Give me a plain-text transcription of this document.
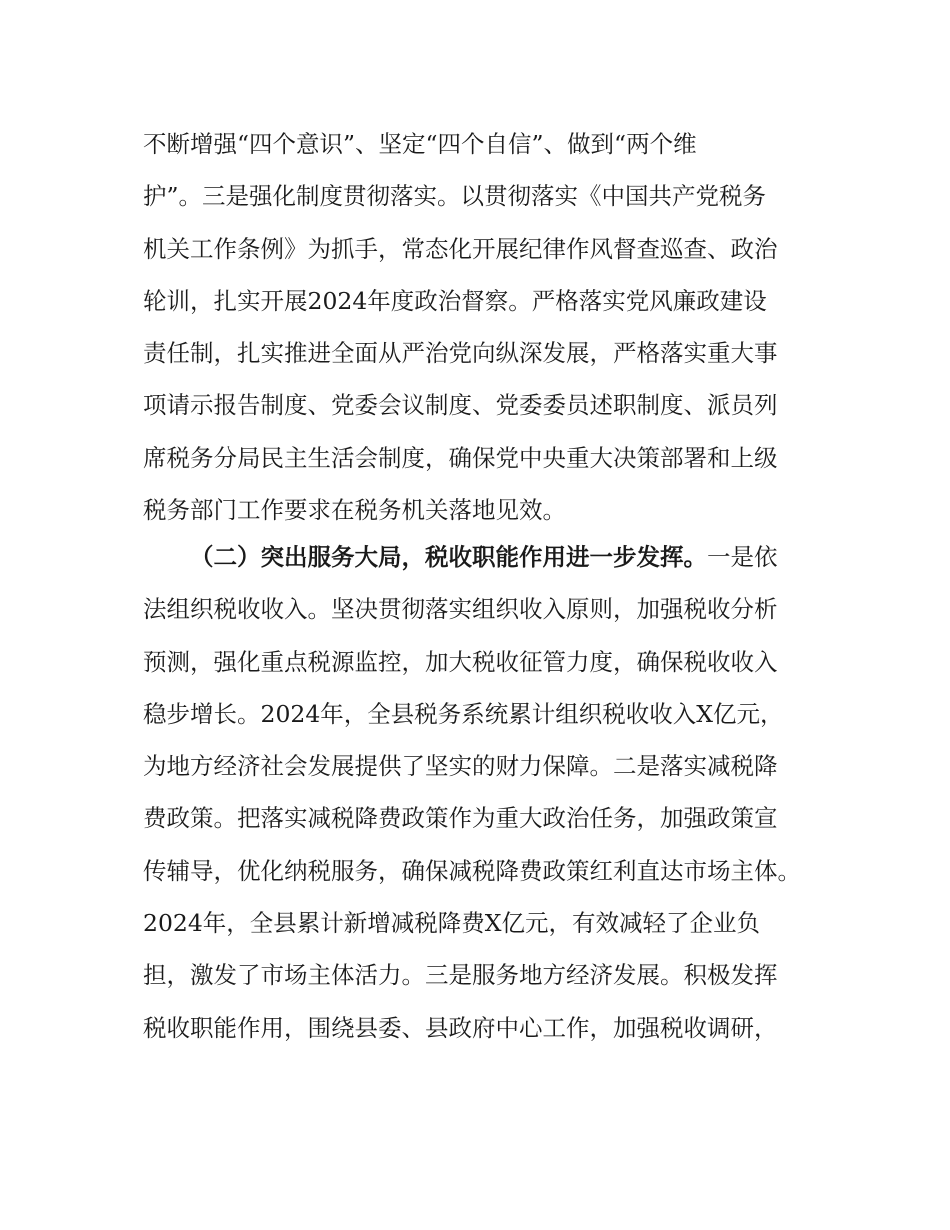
不断增强“四个意识”、坚定“四个自信”、做到“两个维
护”。三是强化制度贯彻落实。以贯彻落实《中国共产党税务
机关工作条例》为抓手，常态化开展纪律作风督查巡查、政治
轮训，扎实开展2024年度政治督察。严格落实党风廉政建设
责任制，扎实推进全面从严治党向纵深发展，严格落实重大事
项请示报告制度、党委会议制度、党委委员述职制度、派员列
席税务分局民主生活会制度，确保党中央重大决策部署和上级
税务部门工作要求在税务机关落地见效。
（二）突出服务大局，税收职能作用进一步发挥。一是依
法组织税收收入。坚决贯彻落实组织收入原则，加强税收分析
预测，强化重点税源监控，加大税收征管力度，确保税收收入
稳步增长。2024年，全县税务系统累计组织税收收入X亿元，
为地方经济社会发展提供了坚实的财力保障。二是落实减税降
费政策。把落实减税降费政策作为重大政治任务，加强政策宣
传辅导，优化纳税服务，确保减税降费政策红利直达市场主体。
2024年，全县累计新增减税降费X亿元，有效减轻了企业负
担，激发了市场主体活力。三是服务地方经济发展。积极发挥
税收职能作用，围绕县委、县政府中心工作，加强税收调研，
